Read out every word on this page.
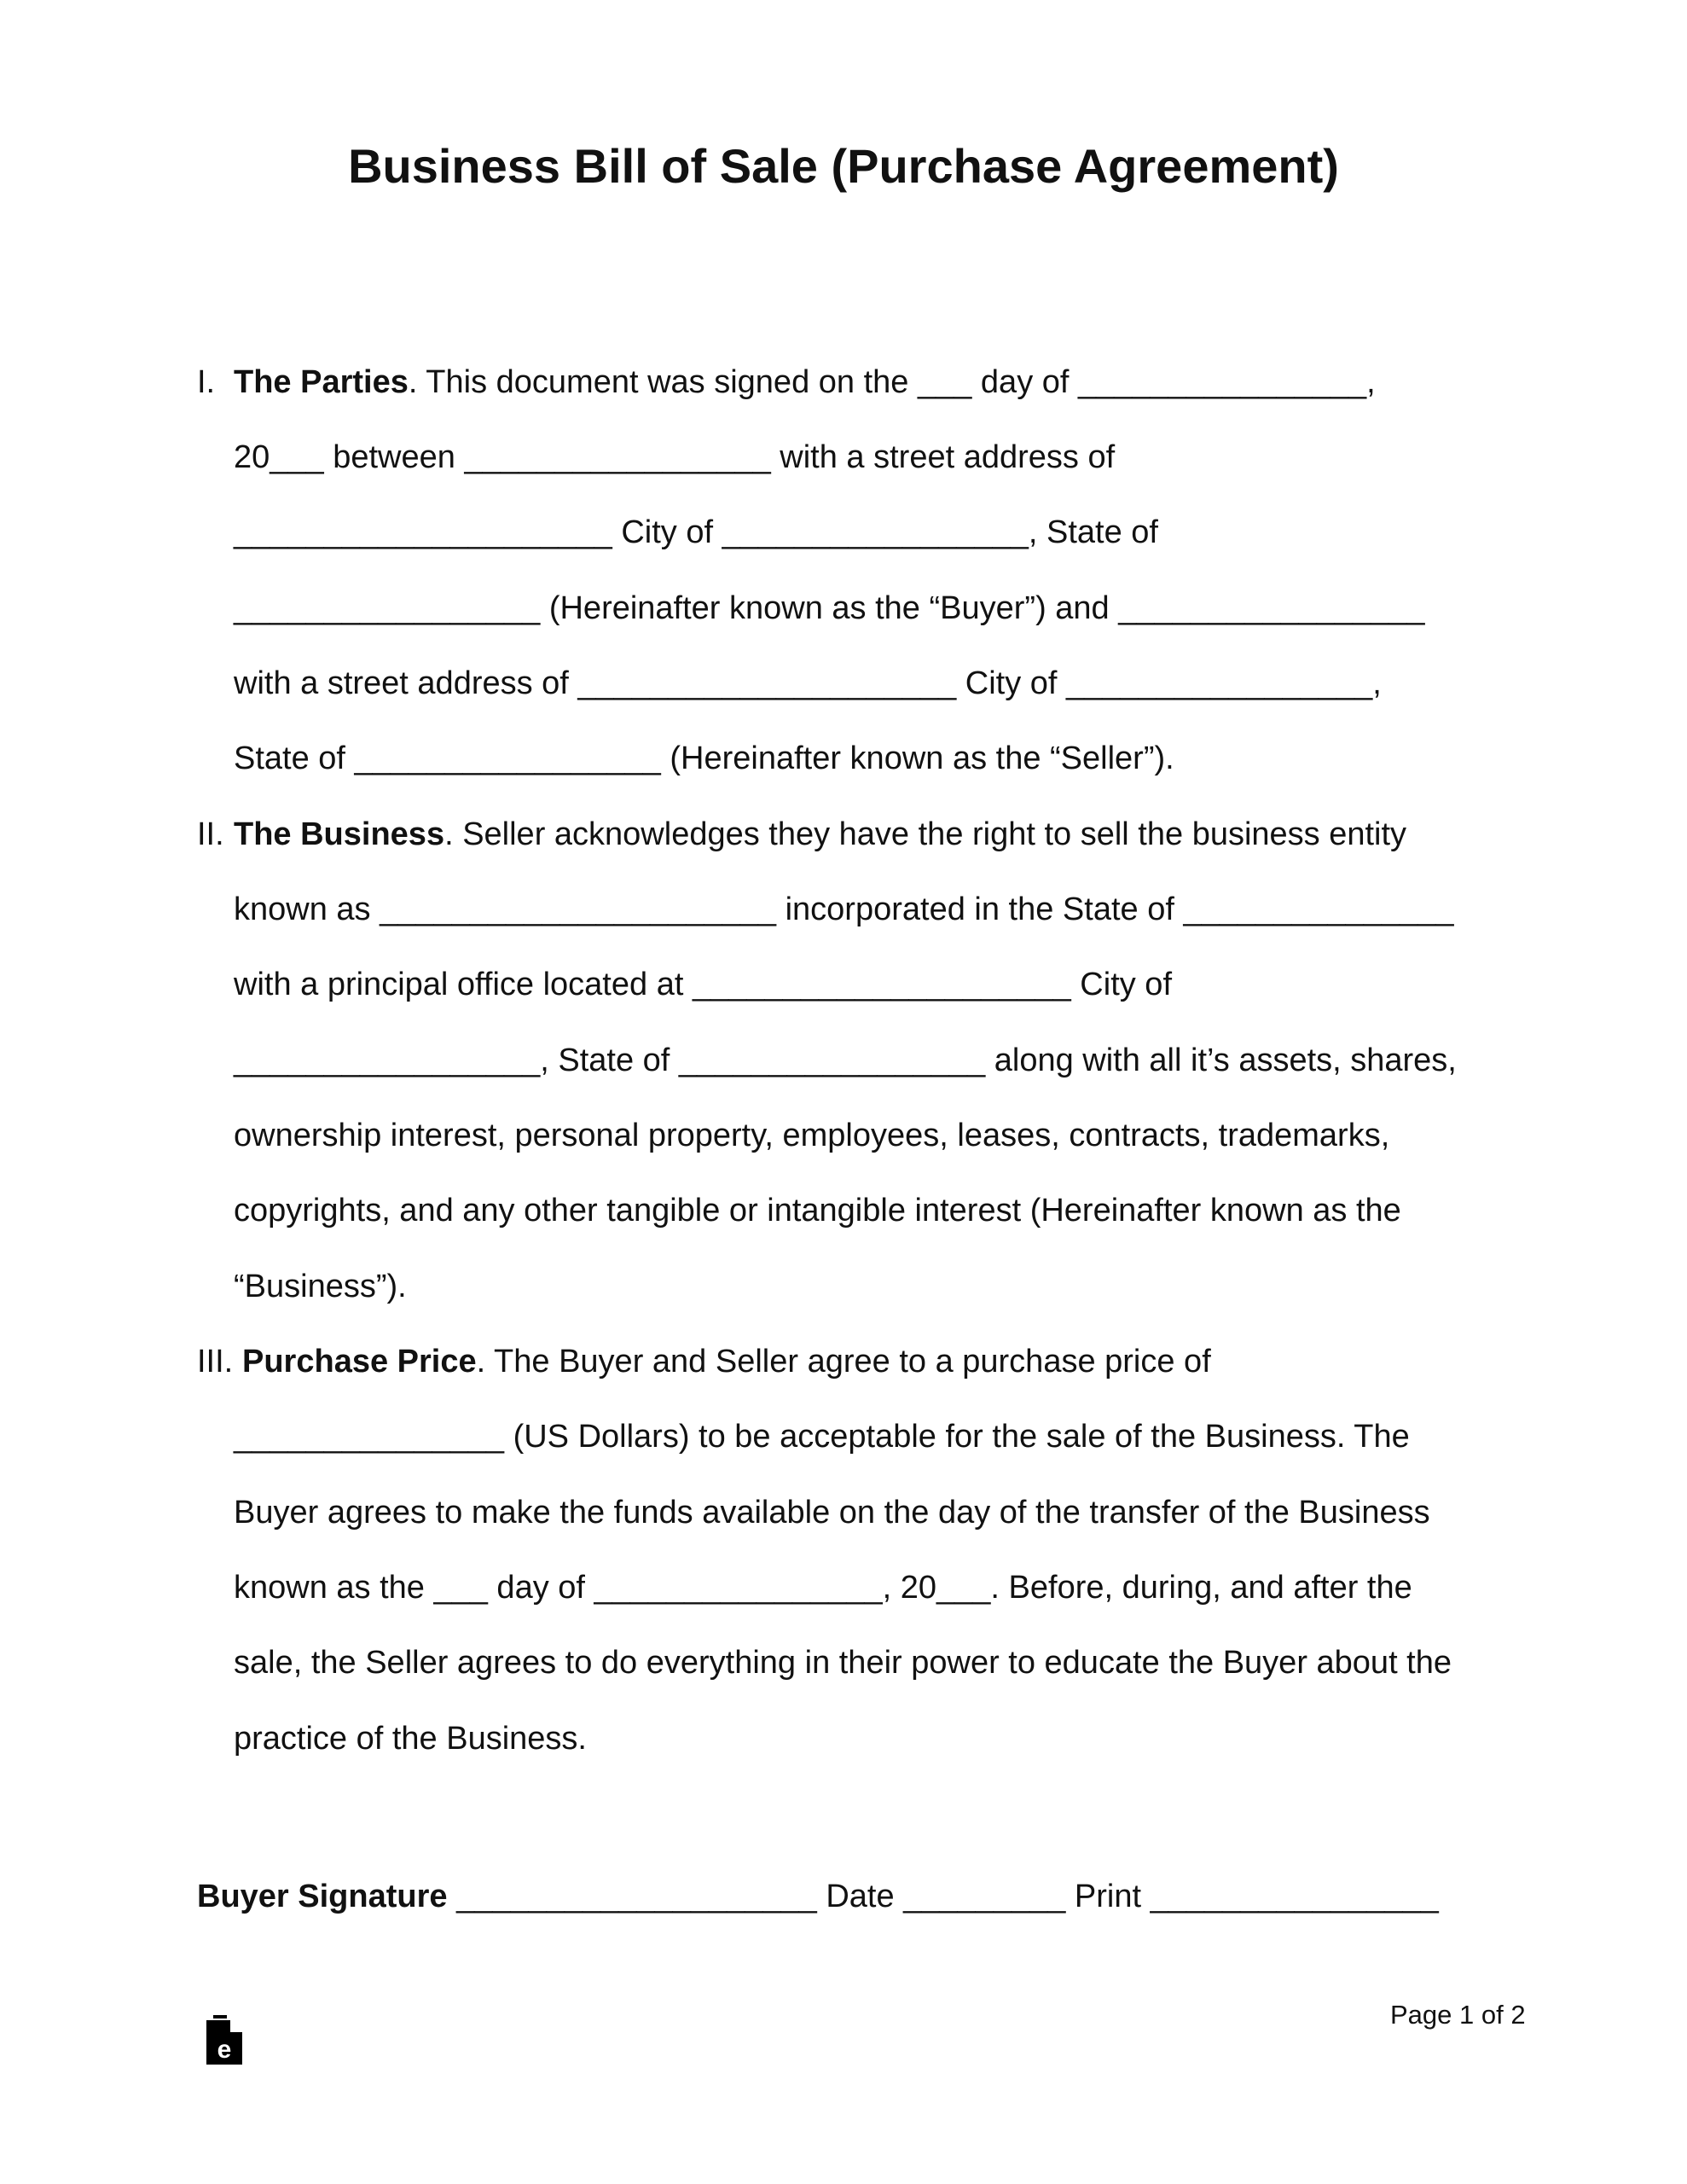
Business Bill of Sale (Purchase Agreement)
I. The Parties. This document was signed on the ___ day of ________________,
20___ between _________________ with a street address of
_____________________ City of _________________, State of
_________________ (Hereinafter known as the “Buyer”) and _________________
with a street address of _____________________ City of _________________,
State of _________________ (Hereinafter known as the “Seller”).
II. The Business. Seller acknowledges they have the right to sell the business entity
known as ______________________ incorporated in the State of _______________
with a principal office located at _____________________ City of
_________________, State of _________________ along with all it’s assets, shares,
ownership interest, personal property, employees, leases, contracts, trademarks,
copyrights, and any other tangible or intangible interest (Hereinafter known as the
“Business”).
III. Purchase Price. The Buyer and Seller agree to a purchase price of
_______________ (US Dollars) to be acceptable for the sale of the Business. The
Buyer agrees to make the funds available on the day of the transfer of the Business
known as the ___ day of ________________, 20___. Before, during, and after the
sale, the Seller agrees to do everything in their power to educate the Buyer about the
practice of the Business.
Buyer Signature ____________________ Date _________ Print ________________
e
Page 1 of 2
